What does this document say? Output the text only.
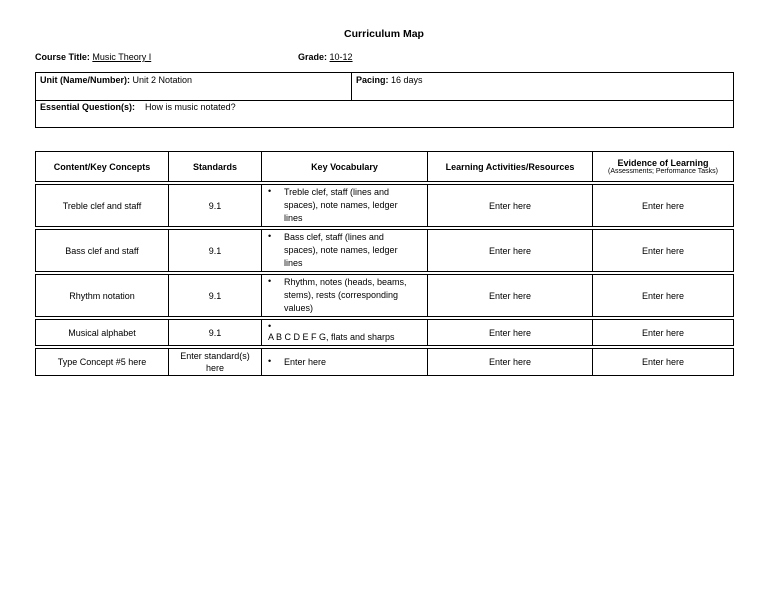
Curriculum Map
Course Title: Music Theory I	Grade: 10-12
Unit (Name/Number): Unit 2 Notation	Pacing: 16 days
Essential Question(s): How is music notated?
Content/Key Concepts	Standards	Key Vocabulary	Learning Activities/Resources	Evidence of Learning
(Assessments; Performance Tasks)

Treble clef and staff	9.1	• Treble clef, staff (lines and spaces), note names, ledger lines	Enter here	Enter here
Bass clef and staff	9.1	• Bass clef, staff (lines and spaces), note names, ledger lines	Enter here	Enter here
Rhythm notation	9.1	• Rhythm, notes (heads, beams, stems), rests (corresponding values)	Enter here	Enter here
Musical alphabet	9.1	•A B C D E F G, flats and sharps	Enter here	Enter here
Type Concept #5 here	Enter standard(s) here	• Enter here	Enter here	Enter here
